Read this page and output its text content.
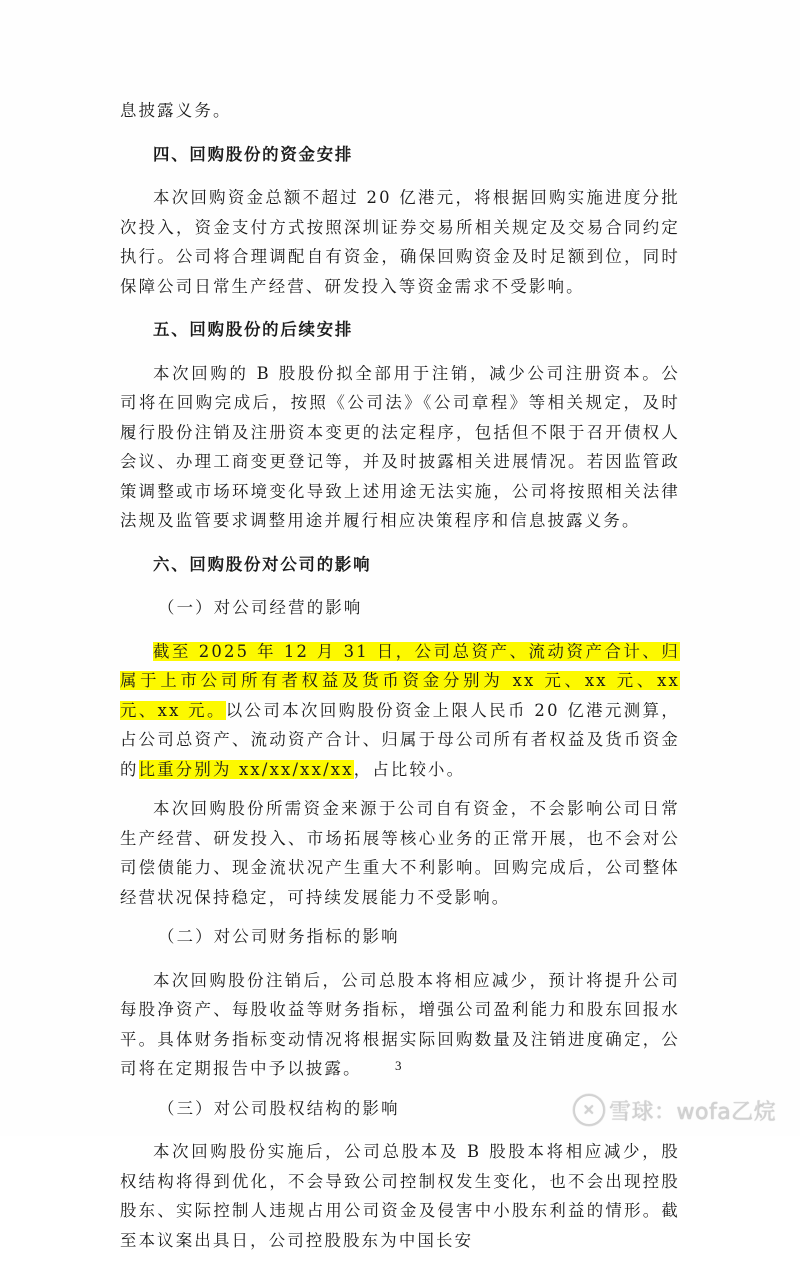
息披露义务。

四、回购股份的资金安排

本次回购资金总额不超过 20 亿港元，将根据回购实施进度分批次投入，资金支付方式按照深圳证券交易所相关规定及交易合同约定执行。公司将合理调配自有资金，确保回购资金及时足额到位，同时保障公司日常生产经营、研发投入等资金需求不受影响。

五、回购股份的后续安排

本次回购的 B 股股份拟全部用于注销，减少公司注册资本。公司将在回购完成后，按照《公司法》《公司章程》等相关规定，及时履行股份注销及注册资本变更的法定程序，包括但不限于召开债权人会议、办理工商变更登记等，并及时披露相关进展情况。若因监管政策调整或市场环境变化导致上述用途无法实施，公司将按照相关法律法规及监管要求调整用途并履行相应决策程序和信息披露义务。

六、回购股份对公司的影响
（一）对公司经营的影响

截至 2025 年 12 月 31 日，公司总资产、流动资产合计、归属于上市公司所有者权益及货币资金分别为 xx 元、xx 元、xx 元、xx 元。以公司本次回购股份资金上限人民币 20 亿港元测算，占公司总资产、流动资产合计、归属于母公司所有者权益及货币资金的比重分别为 xx/xx/xx/xx，占比较小。

本次回购股份所需资金来源于公司自有资金，不会影响公司日常生产经营、研发投入、市场拓展等核心业务的正常开展，也不会对公司偿债能力、现金流状况产生重大不利影响。回购完成后，公司整体经营状况保持稳定，可持续发展能力不受影响。

（二）对公司财务指标的影响

本次回购股份注销后，公司总股本将相应减少，预计将提升公司每股净资产、每股收益等财务指标，增强公司盈利能力和股东回报水平。具体财务指标变动情况将根据实际回购数量及注销进度确定，公司将在定期报告中予以披露。

（三）对公司股权结构的影响

本次回购股份实施后，公司总股本及 B 股股本将相应减少，股权结构将得到优化，不会导致公司控制权发生变化，也不会出现控股股东、实际控制人违规占用公司资金及侵害中小股东利益的情形。截至本议案出具日，公司控股股东为中国长安

3
✕ 雪球：wofa乙烷
